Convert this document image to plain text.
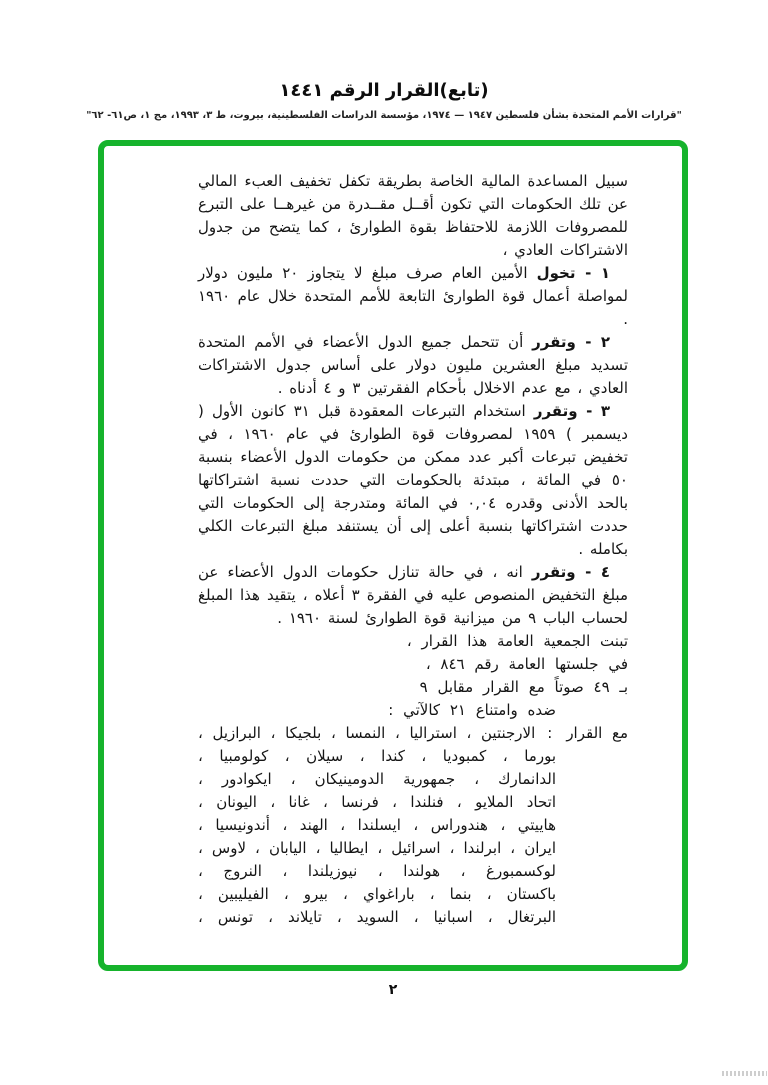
(تابع)القرار الرقم ١٤٤١
"قرارات الأمم المتحدة بشأن فلسطين ١٩٤٧ — ١٩٧٤، مؤسسة الدراسات الفلسطينية، بيروت، ط ٣، ١٩٩٣، مج ١، ص٦١- ٦٢"

سبيل المساعدة المالية الخاصة بطريقة تكفل تخفيف العبء المالي عن تلك الحكومات التي تكون أقــل مقــدرة من غيرهــا على التبرع للمصروفات اللازمة للاحتفاظ بقوة الطوارئ ، كما يتضح من جدول الاشتراكات العادي ،

١ - تخول الأمين العام صرف مبلغ لا يتجاوز ٢٠ مليون دولار لمواصلة أعمال قوة الطوارئ التابعة للأمم المتحدة خلال عام ١٩٦٠ .

٢ - وتقرر أن تتحمل جميع الدول الأعضاء في الأمم المتحدة تسديد مبلغ العشرين مليون دولار على أساس جدول الاشتراكات العادي ، مع عدم الاخلال بأحكام الفقرتين ٣ و ٤ أدناه .

٣ - وتقرر استخدام التبرعات المعقودة قبل ٣١ كانون الأول ( ديسمبر ) ١٩٥٩ لمصروفات قوة الطوارئ في عام ١٩٦٠ ، في تخفيض تبرعات أكبر عدد ممكن من حكومات الدول الأعضاء بنسبة ٥٠ في المائة ، مبتدئة بالحكومات التي حددت نسبة اشتراكاتها بالحد الأدنى وقدره ٠,٠٤ في المائة ومتدرجة إلى الحكومات التي حددت اشتراكاتها بنسبة أعلى إلى أن يستنفد مبلغ التبرعات الكلي بكامله .

٤ - وتقرر انه ، في حالة تنازل حكومات الدول الأعضاء عن مبلغ التخفيض المنصوص عليه في الفقرة ٣ أعلاه ، يتقيد هذا المبلغ لحساب الباب ٩ من ميزانية قوة الطوارئ لسنة ١٩٦٠ .

تبنت الجمعية العامة هذا القرار ،
في جلستها العامة رقم ٨٤٦ ،
بـ ٤٩ صوتاً مع القرار مقابل ٩
ضده وامتناع ٢١ كالآتي :
مع القرار:الارجنتين ، استراليا ، النمسا ، بلجيكا ، البرازيل ،
بورما ، كمبوديا ، كندا ، سيلان ، كولومبيا ،
الدانمارك ، جمهورية الدومينيكان ، ايكوادور ،
اتحاد الملايو ، فنلندا ، فرنسا ، غانا ، اليونان ،
هاييتي ، هندوراس ، ايسلندا ، الهند ، أندونيسيا ،
ايران ، ابرلندا ، اسرائيل ، ايطاليا ، اليابان ، لاوس ،
لوكسمبورغ ، هولندا ، نيوزيلندا ، النروج ،
باكستان ، بنما ، باراغواي ، بيرو ، الفيليبين ،
البرتغال ، اسبانيا ، السويد ، تايلاند ، تونس ،
٢
